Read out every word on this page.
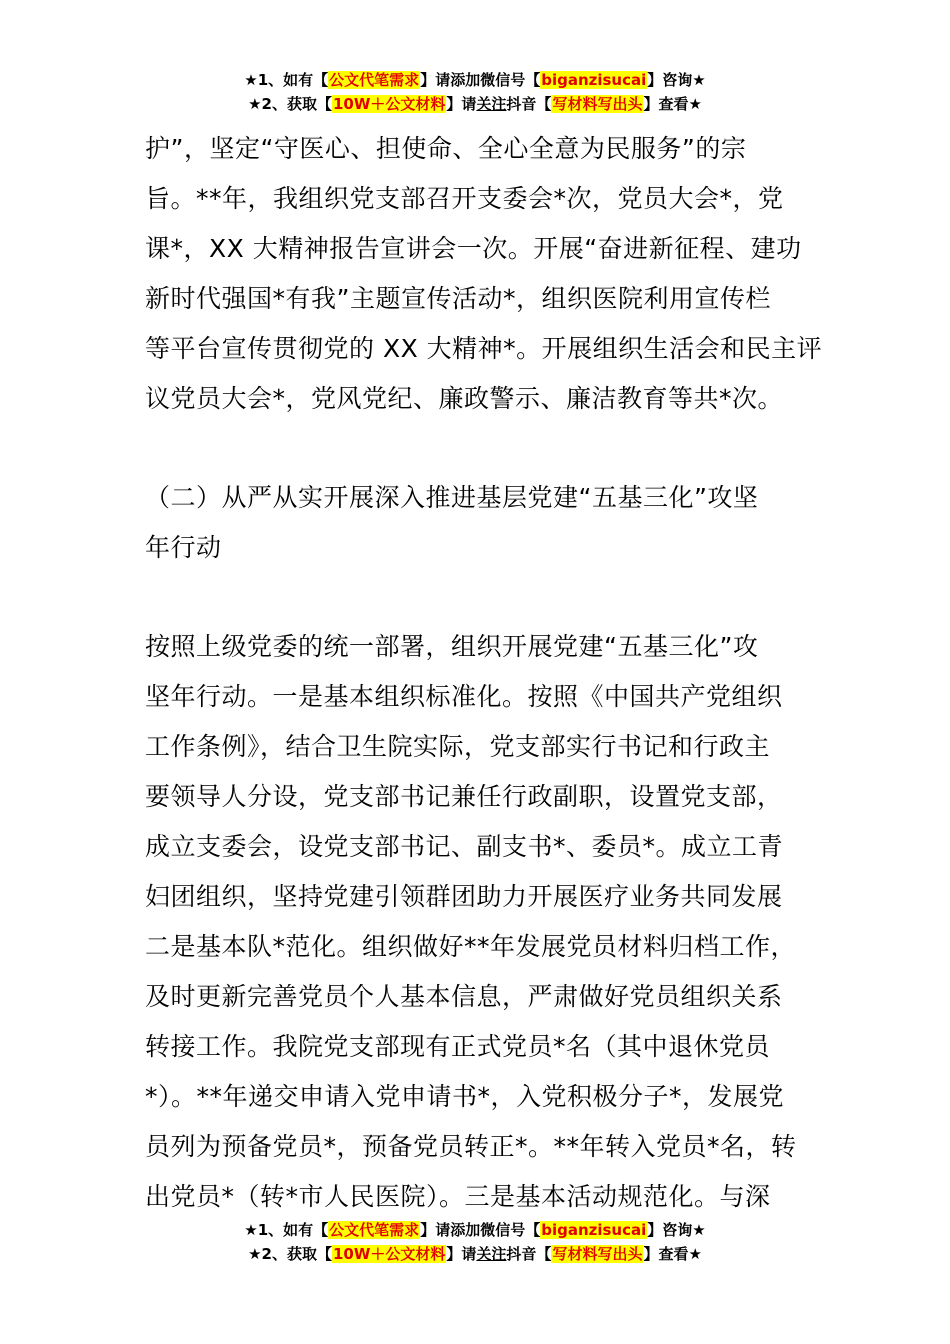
★1、如有【公文代笔需求】请添加微信号【biganzisucai】咨询★
★2、获取【10W＋公文材料】请关注抖音【写材料写出头】查看★
护”，坚定“守医心、担使命、全心全意为民服务”的宗
旨。**年，我组织党支部召开支委会*次，党员大会*，党
课*，XX 大精神报告宣讲会一次。开展“奋进新征程、建功
新时代强国*有我”主题宣传活动*，组织医院利用宣传栏
等平台宣传贯彻党的 XX 大精神*。开展组织生活会和民主评
议党员大会*，党风党纪、廉政警示、廉洁教育等共*次。
（二）从严从实开展深入推进基层党建“五基三化”攻坚
年行动
按照上级党委的统一部署，组织开展党建“五基三化”攻
坚年行动。一是基本组织标准化。按照《中国共产党组织
工作条例》，结合卫生院实际，党支部实行书记和行政主
要领导人分设，党支部书记兼任行政副职，设置党支部，
成立支委会，设党支部书记、副支书*、委员*。成立工青
妇团组织，坚持党建引领群团助力开展医疗业务共同发展
二是基本队*范化。组织做好**年发展党员材料归档工作，
及时更新完善党员个人基本信息，严肃做好党员组织关系
转接工作。我院党支部现有正式党员*名（其中退休党员
*）。**年递交申请入党申请书*，入党积极分子*，发展党
员列为预备党员*，预备党员转正*。**年转入党员*名，转
出党员*（转*市人民医院）。三是基本活动规范化。与深
★1、如有【公文代笔需求】请添加微信号【biganzisucai】咨询★
★2、获取【10W＋公文材料】请关注抖音【写材料写出头】查看★
